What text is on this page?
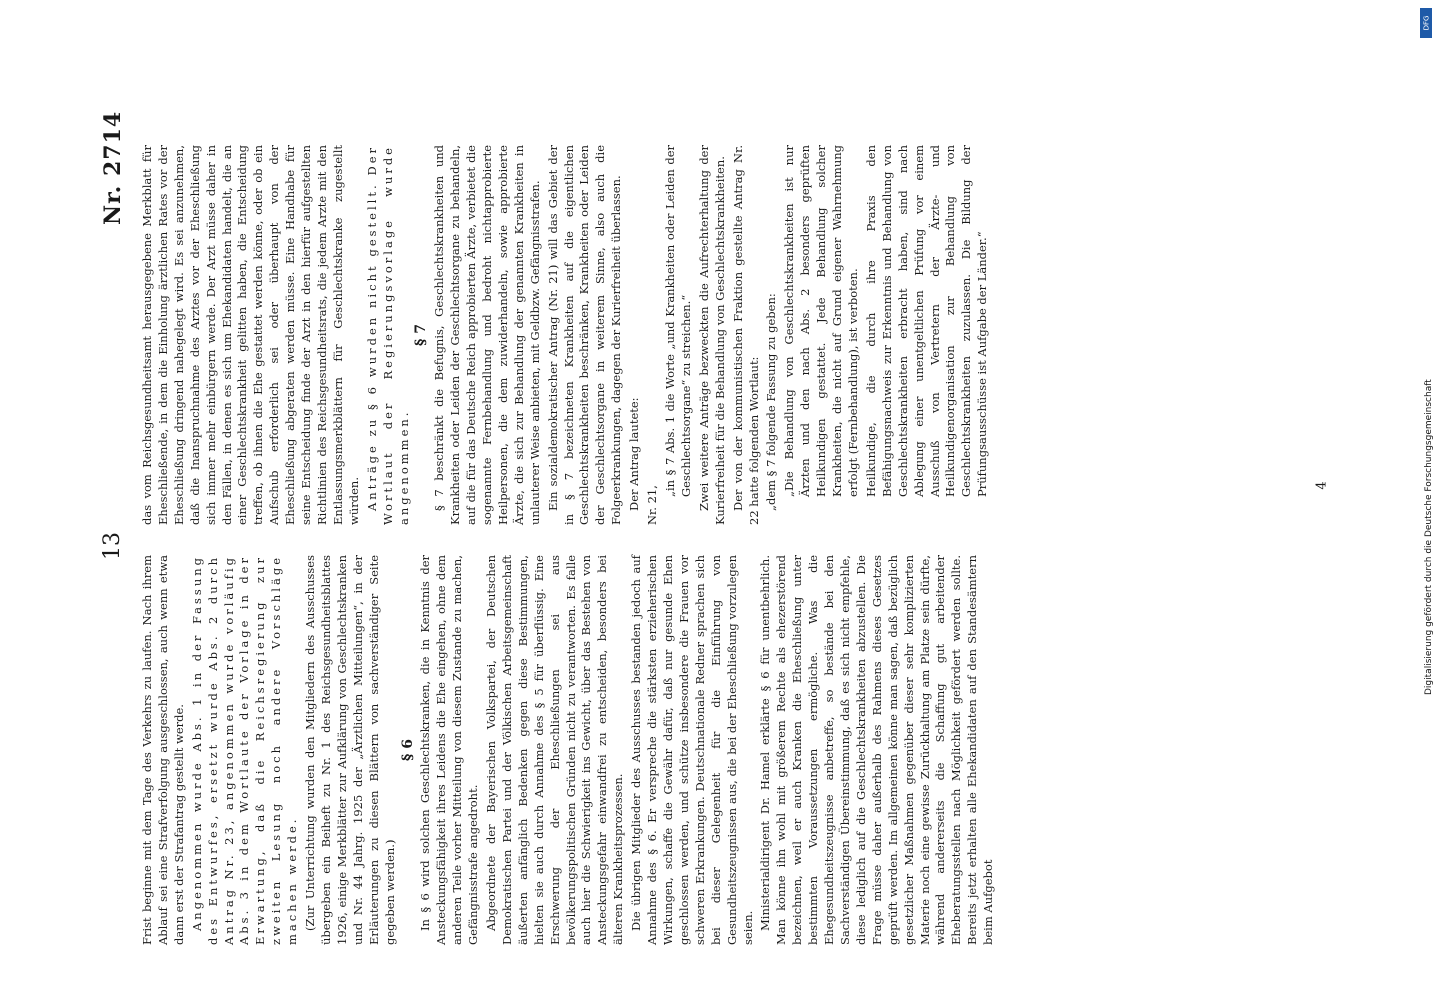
13
Nr. 2714

Frist beginne mit dem Tage des Verkehrs zu laufen. Nach ihrem Ablauf sei eine Strafverfolgung ausgeschlossen, auch wenn etwa dann erst der Strafantrag gestellt werde. Angenommen wurde Abs. 1 in der Fassung des Entwurfes, ersetzt wurde Abs. 2 durch Antrag Nr. 23, angenommen wurde vorläufig Abs. 3 in dem Wortlaute der Vorlage in der Erwartung, daß die Reichsregierung zur zweiten Lesung noch andere Vorschläge machen werde. (Zur Unterrichtung wurden den Mitgliedern des Ausschusses übergeben ein Beiheft zu Nr. 1 des Reichsgesundheitsblattes 1926, einige Merkblätter zur Aufklärung von Geschlechtskranken und Nr. 44 Jahrg. 1925 der „Ärztlichen Mitteilungen“, in der Erläuterungen zu diesen Blättern von sachverständiger Seite gegeben werden.)

§ 6 In § 6 wird solchen Geschlechtskranken, die in Kenntnis der Ansteckungsfähigkeit ihres Leidens die Ehe eingehen, ohne dem anderen Teile vorher Mitteilung von diesem Zustande zu machen, Gefängnisstrafe angedroht. Abgeordnete der Bayerischen Volkspartei, der Deutschen Demokratischen Partei und der Völkischen Arbeitsgemeinschaft äußerten anfänglich Bedenken gegen diese Bestimmungen, hielten sie auch durch Annahme des § 5 für überflüssig. Eine Erschwerung der Eheschließungen sei aus bevölkerungspolitischen Gründen nicht zu verantworten. Es falle auch hier die Schwierigkeit ins Gewicht, über das Bestehen von Ansteckungsgefahr einwandfrei zu entscheiden, besonders bei älteren Krankheitsprozessen. Die übrigen Mitglieder des Ausschusses bestanden jedoch auf Annahme des § 6. Er verspreche die stärksten erzieherischen Wirkungen, schaffe die Gewähr dafür, daß nur gesunde Ehen geschlossen werden, und schütze insbesondere die Frauen vor schweren Erkrankungen. Deutschnationale Redner sprachen sich bei dieser Gelegenheit für die Einführung von Gesundheitszeugnissen aus, die bei der Eheschließung vorzulegen seien. Ministerialdirigent Dr. Hamel erklärte § 6 für unentbehrlich. Man könne ihn wohl mit größerem Rechte als ehezerstörend bezeichnen, weil er auch Kranken die Eheschließung unter bestimmten Voraussetzungen ermögliche. Was die Ehegesundheitszeugnisse anbetreffe, so bestände bei den Sachverständigen Übereinstimmung, daß es sich nicht empfehle, diese lediglich auf die Geschlechtskrankheiten abzustellen. Die Frage müsse daher außerhalb des Rahmens dieses Gesetzes geprüft werden. Im allgemeinen könne man sagen, daß bezüglich gesetzlicher Maßnahmen gegenüber dieser sehr komplizierten Materie noch eine gewisse Zurückhaltung am Platze sein dürfte, während andererseits die Schaffung gut arbeitender Eheberatungsstellen nach Möglichkeit gefördert werden sollte. Bereits jetzt erhalten alle Ehekandidaten auf den Standesämtern beim Aufgebot

das vom Reichsgesundheitsamt herausgegebene Merkblatt für Eheschließende, in dem die Einholung ärztlichen Rates vor der Eheschließung dringend nahegelegt wird. Es sei anzunehmen, daß die Inanspruchnahme des Arztes vor der Eheschließung sich immer mehr einbürgern werde. Der Arzt müsse daher in den Fällen, in denen es sich um Ehekandidaten handelt, die an einer Geschlechtskrankheit gelitten haben, die Entscheidung treffen, ob ihnen die Ehe gestattet werden könne, oder ob ein Aufschub erforderlich sei oder überhaupt von der Eheschließung abgeraten werden müsse. Eine Handhabe für seine Entscheidung finde der Arzt in den hierfür aufgestellten Richtlinien des Reichsgesundheitsrats, die jedem Arzte mit den Entlassungsmerkblättern für Geschlechtskranke zugestellt würden. Anträge zu § 6 wurden nicht gestellt. Der Wortlaut der Regierungsvorlage wurde angenommen.

§ 7 § 7 beschränkt die Befugnis, Geschlechtskrankheiten und Krankheiten oder Leiden der Geschlechtsorgane zu behandeln, auf die für das Deutsche Reich approbierten Ärzte, verbietet die sogenannte Fernbehandlung und bedroht nichtapprobierte Heilpersonen, die dem zuwiderhandeln, sowie approbierte Ärzte, die sich zur Behandlung der genannten Krankheiten in unlauterer Weise anbieten, mit Geldbzw. Gefängnisstrafen. Ein sozialdemokratischer Antrag (Nr. 21) will das Gebiet der in § 7 bezeichneten Krankheiten auf die eigentlichen Geschlechtskrankheiten beschränken, Krankheiten oder Leiden der Geschlechtsorgane in weiterem Sinne, also auch die Folgeerkrankungen, dagegen der Kurierfreiheit überlassen. Der Antrag lautete: Nr. 21,

„in § 7 Abs. 1 die Worte „und Krankheiten oder Leiden der Geschlechtsorgane“ zu streichen.“ Zwei weitere Anträge bezweckten die Aufrechterhaltung der Kurierfreiheit für die Behandlung von Geschlechtskrankheiten. Der von der kommunistischen Fraktion gestellte Antrag Nr. 22 hatte folgenden Wortlaut: „dem § 7 folgende Fassung zu geben: „Die Behandlung von Geschlechtskrankheiten ist nur Ärzten und den nach Abs. 2 besonders geprüften Heilkundigen gestattet. Jede Behandlung solcher Krankheiten, die nicht auf Grund eigener Wahrnehmung erfolgt (Fernbehandlung), ist verboten. Heilkundige, die durch ihre Praxis den Befähigungsnachweis zur Erkenntnis und Behandlung von Geschlechtskrankheiten erbracht haben, sind nach Ablegung einer unentgeltlichen Prüfung vor einem Ausschuß von Vertretern der Ärzte- und Heilkundigenorganisation zur Behandlung von Geschlechtskrankheiten zuzulassen. Die Bildung der Prüfungsausschüsse ist Aufgabe der Länder.“	4
DFG
Digitalisierung gefördert durch die Deutsche Forschungsgemeinschaft
